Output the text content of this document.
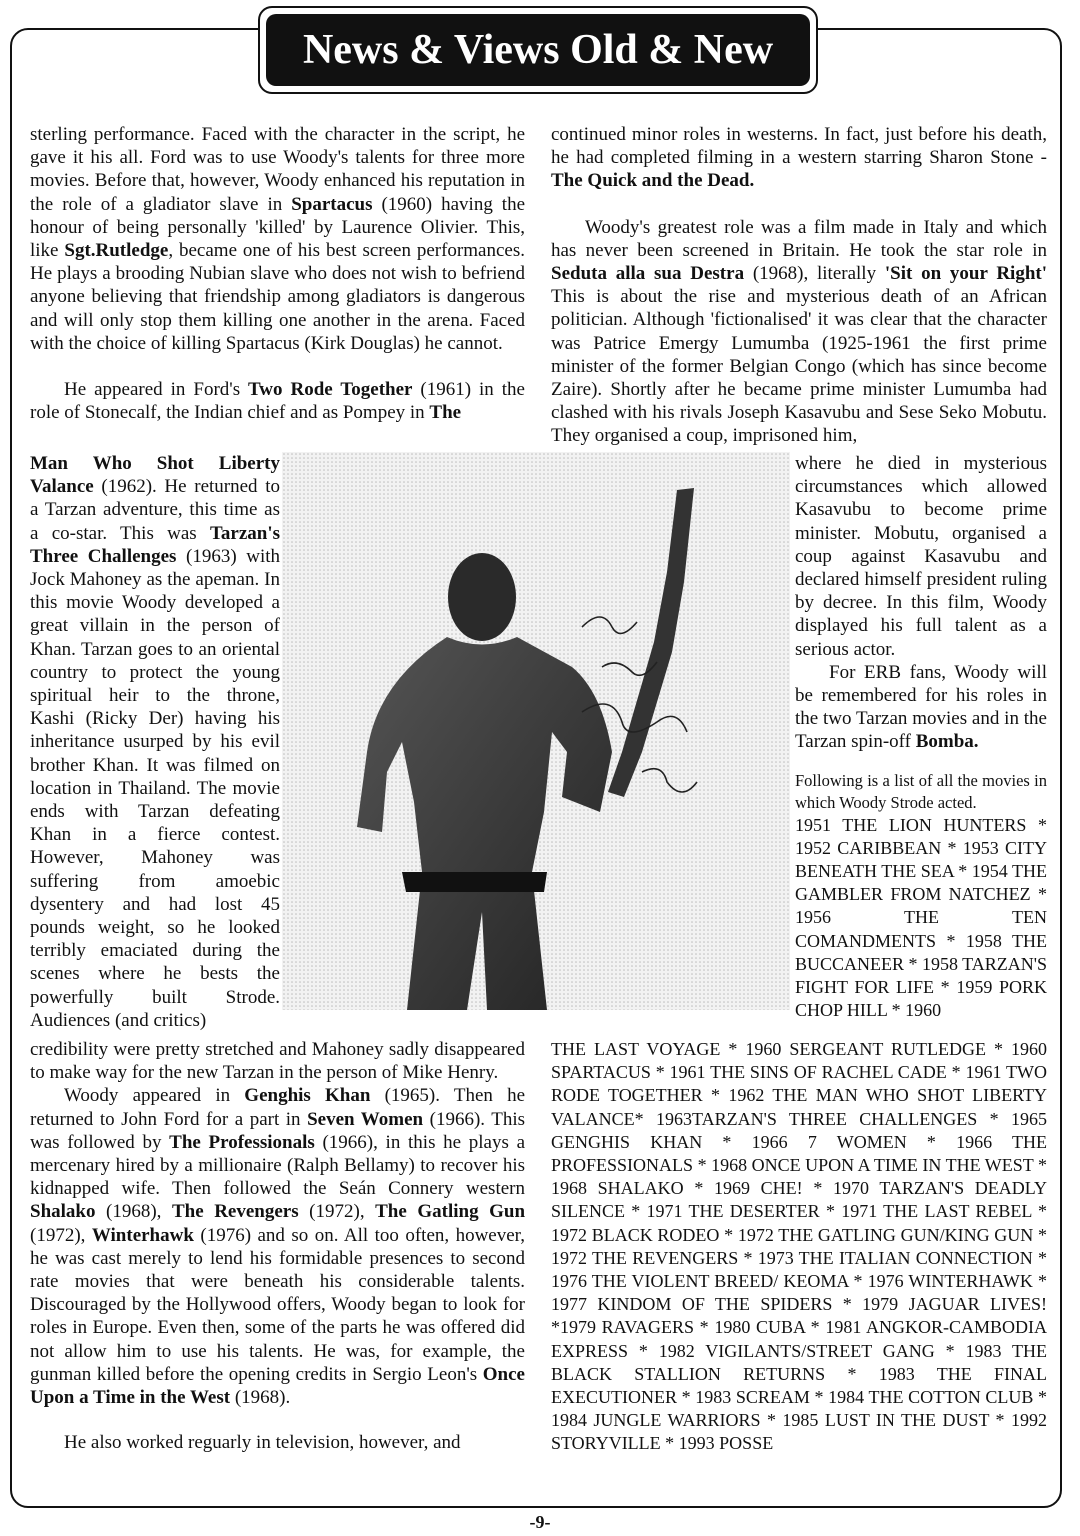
News & Views Old & New

sterling performance. Faced with the character in the script, he gave it his all. Ford was to use Woody's talents for three more movies. Before that, however, Woody enhanced his reputation in the role of a gladiator slave in Spartacus (1960) having the honour of being personally 'killed' by Laurence Olivier. This, like Sgt.Rutledge, became one of his best screen performances. He plays a brooding Nubian slave who does not wish to befriend anyone believing that friendship among gladiators is dangerous and will only stop them killing one another in the arena. Faced with the choice of killing Spartacus (Kirk Douglas) he cannot.

He appeared in Ford's Two Rode Together (1961) in the role of Stonecalf, the Indian chief and as Pompey in The

Man Who Shot Liberty Valance (1962). He returned to a Tarzan adventure, this time as a co-star. This was Tarzan's Three Challenges (1963) with Jock Mahoney as the apeman. In this movie Woody developed a great villain in the person of Khan. Tarzan goes to an oriental country to protect the young spiritual heir to the throne, Kashi (Ricky Der) having his inheritance usurped by his evil brother Khan. It was filmed on location in Thailand. The movie ends with Tarzan defeating Khan in a fierce contest. However, Mahoney was suffering from amoebic dysentery and had lost 45 pounds weight, so he looked terribly emaciated during the scenes where he bests the powerfully built Strode. Audiences (and critics)

continued minor roles in westerns. In fact, just before his death, he had completed filming in a western starring Sharon Stone - The Quick and the Dead.

Woody's greatest role was a film made in Italy and which has never been screened in Britain. He took the star role in Seduta alla sua Destra (1968), literally 'Sit on your Right' This is about the rise and mysterious death of an African politician. Although 'fictionalised' it was clear that the character was Patrice Emergy Lumumba (1925-1961 the first prime minister of the former Belgian Congo (which has since become Zaire). Shortly after he became prime minister Lumumba had clashed with his rivals Joseph Kasavubu and Sese Seko Mobutu. They organised a coup, imprisoned him,

where he died in mysterious circumstances which allowed Kasavubu to become prime minister. Mobutu, organised a coup against Kasavubu and declared himself president ruling by decree. In this film, Woody displayed his full talent as a serious actor.

For ERB fans, Woody will be remembered for his roles in the two Tarzan movies and in the Tarzan spin-off Bomba.

Following is a list of all the movies in which Woody Strode acted.

1951 THE LION HUNTERS * 1952 CARIBBEAN * 1953 CITY BENEATH THE SEA * 1954 THE GAMBLER FROM NATCHEZ * 1956 THE TEN COMANDMENTS * 1958 THE BUCCANEER * 1958 TARZAN'S FIGHT FOR LIFE * 1959 PORK CHOP HILL * 1960

credibility were pretty stretched and Mahoney sadly disappeared to make way for the new Tarzan in the person of Mike Henry.

Woody appeared in Genghis Khan (1965). Then he returned to John Ford for a part in Seven Women (1966). This was followed by The Professionals (1966), in this he plays a mercenary hired by a millionaire (Ralph Bellamy) to recover his kidnapped wife. Then followed the Seán Connery western Shalako (1968), The Revengers (1972), The Gatling Gun (1972), Winterhawk (1976) and so on. All too often, however, he was cast merely to lend his formidable presences to second rate movies that were beneath his considerable talents. Discouraged by the Hollywood offers, Woody began to look for roles in Europe. Even then, some of the parts he was offered did not allow him to use his talents. He was, for example, the gunman killed before the opening credits in Sergio Leon's Once Upon a Time in the West (1968).

He also worked reguarly in television, however, and

THE LAST VOYAGE * 1960 SERGEANT RUTLEDGE * 1960 SPARTACUS * 1961 THE SINS OF RACHEL CADE * 1961 TWO RODE TOGETHER * 1962 THE MAN WHO SHOT LIBERTY VALANCE* 1963TARZAN'S THREE CHALLENGES * 1965 GENGHIS KHAN * 1966 7 WOMEN * 1966 THE PROFESSIONALS * 1968 ONCE UPON A TIME IN THE WEST * 1968 SHALAKO * 1969 CHE! * 1970 TARZAN'S DEADLY SILENCE * 1971 THE DESERTER * 1971 THE LAST REBEL * 1972 BLACK RODEO * 1972 THE GATLING GUN/KING GUN * 1972 THE REVENGERS * 1973 THE ITALIAN CONNECTION * 1976 THE VIOLENT BREED/ KEOMA * 1976 WINTERHAWK * 1977 KINDOM OF THE SPIDERS * 1979 JAGUAR LIVES! *1979 RAVAGERS * 1980 CUBA * 1981 ANGKOR-CAMBODIA EXPRESS * 1982 VIGILANTS/STREET GANG * 1983 THE BLACK STALLION RETURNS * 1983 THE FINAL EXECUTIONER * 1983 SCREAM * 1984 THE COTTON CLUB * 1984 JUNGLE WARRIORS * 1985 LUST IN THE DUST * 1992 STORYVILLE * 1993 POSSE
-9-
